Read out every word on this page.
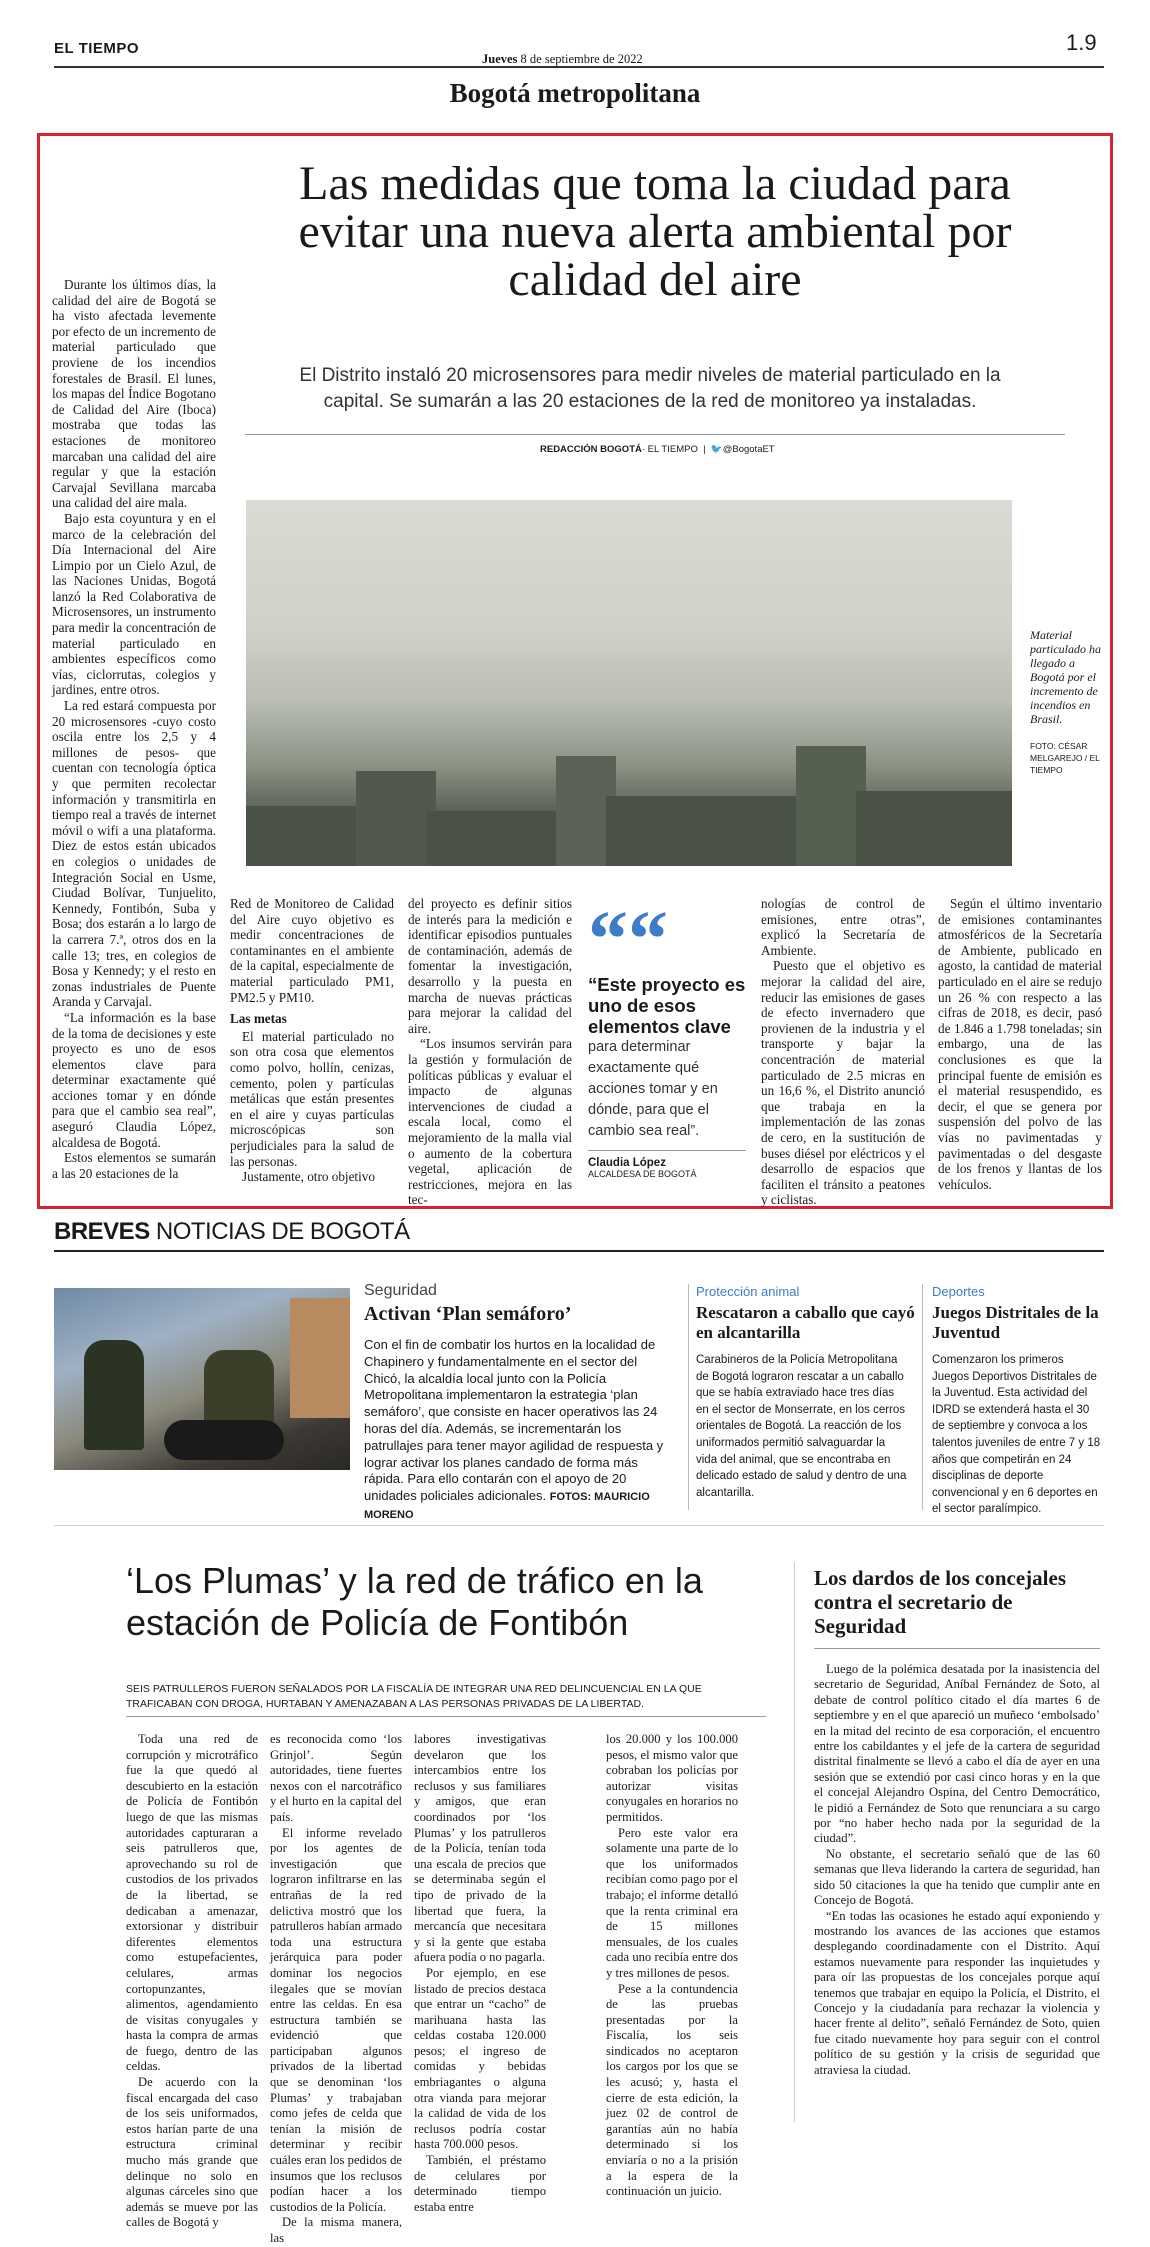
EL TIEMPO
Jueves 8 de septiembre de 2022
1.9
Bogotá metropolitana
Las medidas que toma la ciudad para evitar una nueva alerta ambiental por calidad del aire
El Distrito instaló 20 microsensores para medir niveles de material particulado en la capital. Se sumarán a las 20 estaciones de la red de monitoreo ya instaladas.
REDACCIÓN BOGOTÁ· EL TIEMPO  |  🐦@BogotaET

Durante los últimos días, la calidad del aire de Bogotá se ha visto afectada levemente por efecto de un incremento de material particulado que proviene de los incendios forestales de Brasil. El lunes, los mapas del Índice Bogotano de Calidad del Aire (Iboca) mostraba que todas las estaciones de monitoreo marcaban una calidad del aire regular y que la estación Carvajal Sevillana marcaba una calidad del aire mala.

Bajo esta coyuntura y en el marco de la celebración del Día Internacional del Aire Limpio por un Cielo Azul, de las Naciones Unidas, Bogotá lanzó la Red Colaborativa de Microsensores, un instrumento para medir la concentración de material particulado en ambientes específicos como vías, ciclorrutas, colegios y jardines, entre otros.

La red estará compuesta por 20 microsensores -cuyo costo oscila entre los 2,5 y 4 millones de pesos- que cuentan con tecnología óptica y que permiten recolectar información y transmitirla en tiempo real a través de internet móvil o wifi a una plataforma. Diez de estos están ubicados en colegios o unidades de Integración Social en Usme, Ciudad Bolívar, Tunjuelito, Kennedy, Fontibón, Suba y Bosa; dos estarán a lo largo de la carrera 7.ª, otros dos en la calle 13; tres, en colegios de Bosa y Kennedy; y el resto en zonas industriales de Puente Aranda y Carvajal.

“La información es la base de la toma de decisiones y este proyecto es uno de esos elementos clave para determinar exactamente qué acciones tomar y en dónde para que el cambio sea real”, aseguró Claudia López, alcaldesa de Bogotá.

Estos elementos se sumarán a las 20 estaciones de la

Material particulado ha llegado a Bogotá por el incremento de incendios en Brasil.
FOTO: CÉSAR MELGAREJO / EL TIEMPO

Red de Monitoreo de Calidad del Aire cuyo objetivo es medir concentraciones de contaminantes en el ambiente de la capital, especialmente de material particulado PM1, PM2.5 y PM10.

Las metas

El material particulado no son otra cosa que elementos como polvo, hollín, cenizas, cemento, polen y partículas metálicas que están presentes en el aire y cuyas partículas microscópicas son perjudiciales para la salud de las personas.

Justamente, otro objetivo

del proyecto es definir sitios de interés para la medición e identificar episodios puntuales de contaminación, además de fomentar la investigación, desarrollo y la puesta en marcha de nuevas prácticas para mejorar la calidad del aire.

“Los insumos servirán para la gestión y formulación de políticas públicas y evaluar el impacto de algunas intervenciones de ciudad a escala local, como el mejoramiento de la malla vial o aumento de la cobertura vegetal, aplicación de restricciones, mejora en las tec-

““
“Este proyecto es uno de esos elementos clave
para determinar exactamente qué acciones tomar y en dónde, para que el cambio sea real”.
Claudia López
ALCALDESA DE BOGOTÁ

nologías de control de emisiones, entre otras”, explicó la Secretaría de Ambiente.

Puesto que el objetivo es mejorar la calidad del aire, reducir las emisiones de gases de efecto invernadero que provienen de la industria y el transporte y bajar la concentración de material particulado de 2.5 micras en un 16,6 %, el Distrito anunció que trabaja en la implementación de las zonas de cero, en la sustitución de buses diésel por eléctricos y el desarrollo de espacios que faciliten el tránsito a peatones y ciclistas.

Según el último inventario de emisiones contaminantes atmosféricos de la Secretaría de Ambiente, publicado en agosto, la cantidad de material particulado en el aire se redujo un 26 % con respecto a las cifras de 2018, es decir, pasó de 1.846 a 1.798 toneladas; sin embargo, una de las conclusiones es que la principal fuente de emisión es el material resuspendido, es decir, el que se genera por suspensión del polvo de las vías no pavimentadas y pavimentadas o del desgaste de los frenos y llantas de los vehículos.

BREVES NOTICIAS DE BOGOTÁ
Seguridad
Activan ‘Plan semáforo’
Con el fin de combatir los hurtos en la localidad de Chapinero y fundamentalmente en el sector del Chicó, la alcaldía local junto con la Policía Metropolitana implementaron la estrategia ‘plan semáforo’, que consiste en hacer operativos las 24 horas del día. Además, se incrementarán los patrullajes para tener mayor agilidad de respuesta y lograr activar los planes candado de forma más rápida. Para ello contarán con el apoyo de 20 unidades policiales adicionales. FOTOS: MAURICIO MORENO
Protección animal
Rescataron a caballo que cayó en alcantarilla
Carabineros de la Policía Metropolitana de Bogotá lograron rescatar a un caballo que se había extraviado hace tres días en el sector de Monserrate, en los cerros orientales de Bogotá. La reacción de los uniformados permitió salvaguardar la vida del animal, que se encontraba en delicado estado de salud y dentro de una alcantarilla.
Deportes
Juegos Distritales de la Juventud
Comenzaron los primeros Juegos Deportivos Distritales de la Juventud. Esta actividad del IDRD se extenderá hasta el 30 de septiembre y convoca a los talentos juveniles de entre 7 y 18 años que competirán en 24 disciplinas de deporte convencional y en 6 deportes en el sector paralímpico.
‘Los Plumas’ y la red de tráfico en la estación de Policía de Fontibón
SEIS PATRULLEROS FUERON SEÑALADOS POR LA FISCALÍA DE INTEGRAR UNA RED DELINCUENCIAL EN LA QUE TRAFICABAN CON DROGA, HURTABAN Y AMENAZABAN A LAS PERSONAS PRIVADAS DE LA LIBERTAD.

Toda una red de corrupción y microtráfico fue la que quedó al descubierto en la estación de Policía de Fontibón luego de que las mismas autoridades capturaran a seis patrulleros que, aprovechando su rol de custodios de los privados de la libertad, se dedicaban a amenazar, extorsionar y distribuir diferentes elementos como estupefacientes, celulares, armas cortopunzantes, alimentos, agendamiento de visitas conyugales y hasta la compra de armas de fuego, dentro de las celdas.

De acuerdo con la fiscal encargada del caso de los seis uniformados, estos harían parte de una estructura criminal mucho más grande que delinque no solo en algunas cárceles sino que además se mueve por las calles de Bogotá y

es reconocida como ‘los Grinjol’. Según autoridades, tiene fuertes nexos con el narcotráfico y el hurto en la capital del país.

El informe revelado por los agentes de investigación que lograron infiltrarse en las entrañas de la red delictiva mostró que los patrulleros habían armado toda una estructura jerárquica para poder dominar los negocios ilegales que se movían entre las celdas. En esa estructura también se evidenció que participaban algunos privados de la libertad que se denominan ‘los Plumas’ y trabajaban como jefes de celda que tenían la misión de determinar y recibir cuáles eran los pedidos de insumos que los reclusos podían hacer a los custodios de la Policía.

De la misma manera, las

labores investigativas develaron que los intercambios entre los reclusos y sus familiares y amigos, que eran coordinados por ‘los Plumas’ y los patrulleros de la Policía, tenían toda una escala de precios que se determinaba según el tipo de privado de la libertad que fuera, la mercancía que necesitara y si la gente que estaba afuera podía o no pagarla.

Por ejemplo, en ese listado de precios destaca que entrar un “cacho” de marihuana hasta las celdas costaba 120.000 pesos; el ingreso de comidas y bebidas embriagantes o alguna otra vianda para mejorar la calidad de vida de los reclusos podría costar hasta 700.000 pesos.

También, el préstamo de celulares por determinado tiempo estaba entre

los 20.000 y los 100.000 pesos, el mismo valor que cobraban los policías por autorizar visitas conyugales en horarios no permitidos.

Pero este valor era solamente una parte de lo que los uniformados recibían como pago por el trabajo; el informe detalló que la renta criminal era de 15 millones mensuales, de los cuales cada uno recibía entre dos y tres millones de pesos.

Pese a la contundencia de las pruebas presentadas por la Fiscalía, los seis sindicados no aceptaron los cargos por los que se les acusó; y, hasta el cierre de esta edición, la juez 02 de control de garantías aún no había determinado si los enviaría o no a la prisión a la espera de la continuación un juicio.

Los dardos de los concejales contra el secretario de Seguridad

Luego de la polémica desatada por la inasistencia del secretario de Seguridad, Aníbal Fernández de Soto, al debate de control político citado el día martes 6 de septiembre y en el que apareció un muñeco ‘embolsado’ en la mitad del recinto de esa corporación, el encuentro entre los cabildantes y el jefe de la cartera de seguridad distrital finalmente se llevó a cabo el día de ayer en una sesión que se extendió por casi cinco horas y en la que el concejal Alejandro Ospina, del Centro Democrático, le pidió a Fernández de Soto que renunciara a su cargo por “no haber hecho nada por la seguridad de la ciudad”.

No obstante, el secretario señaló que de las 60 semanas que lleva liderando la cartera de seguridad, han sido 50 citaciones la que ha tenido que cumplir ante en Concejo de Bogotá.

“En todas las ocasiones he estado aquí exponiendo y mostrando los avances de las acciones que estamos desplegando coordinadamente con el Distrito. Aquí estamos nuevamente para responder las inquietudes y para oír las propuestas de los concejales porque aquí tenemos que trabajar en equipo la Policía, el Distrito, el Concejo y la ciudadanía para rechazar la violencia y hacer frente al delito”, señaló Fernández de Soto, quien fue citado nuevamente hoy para seguir con el control político de su gestión y la crisis de seguridad que atraviesa la ciudad.
